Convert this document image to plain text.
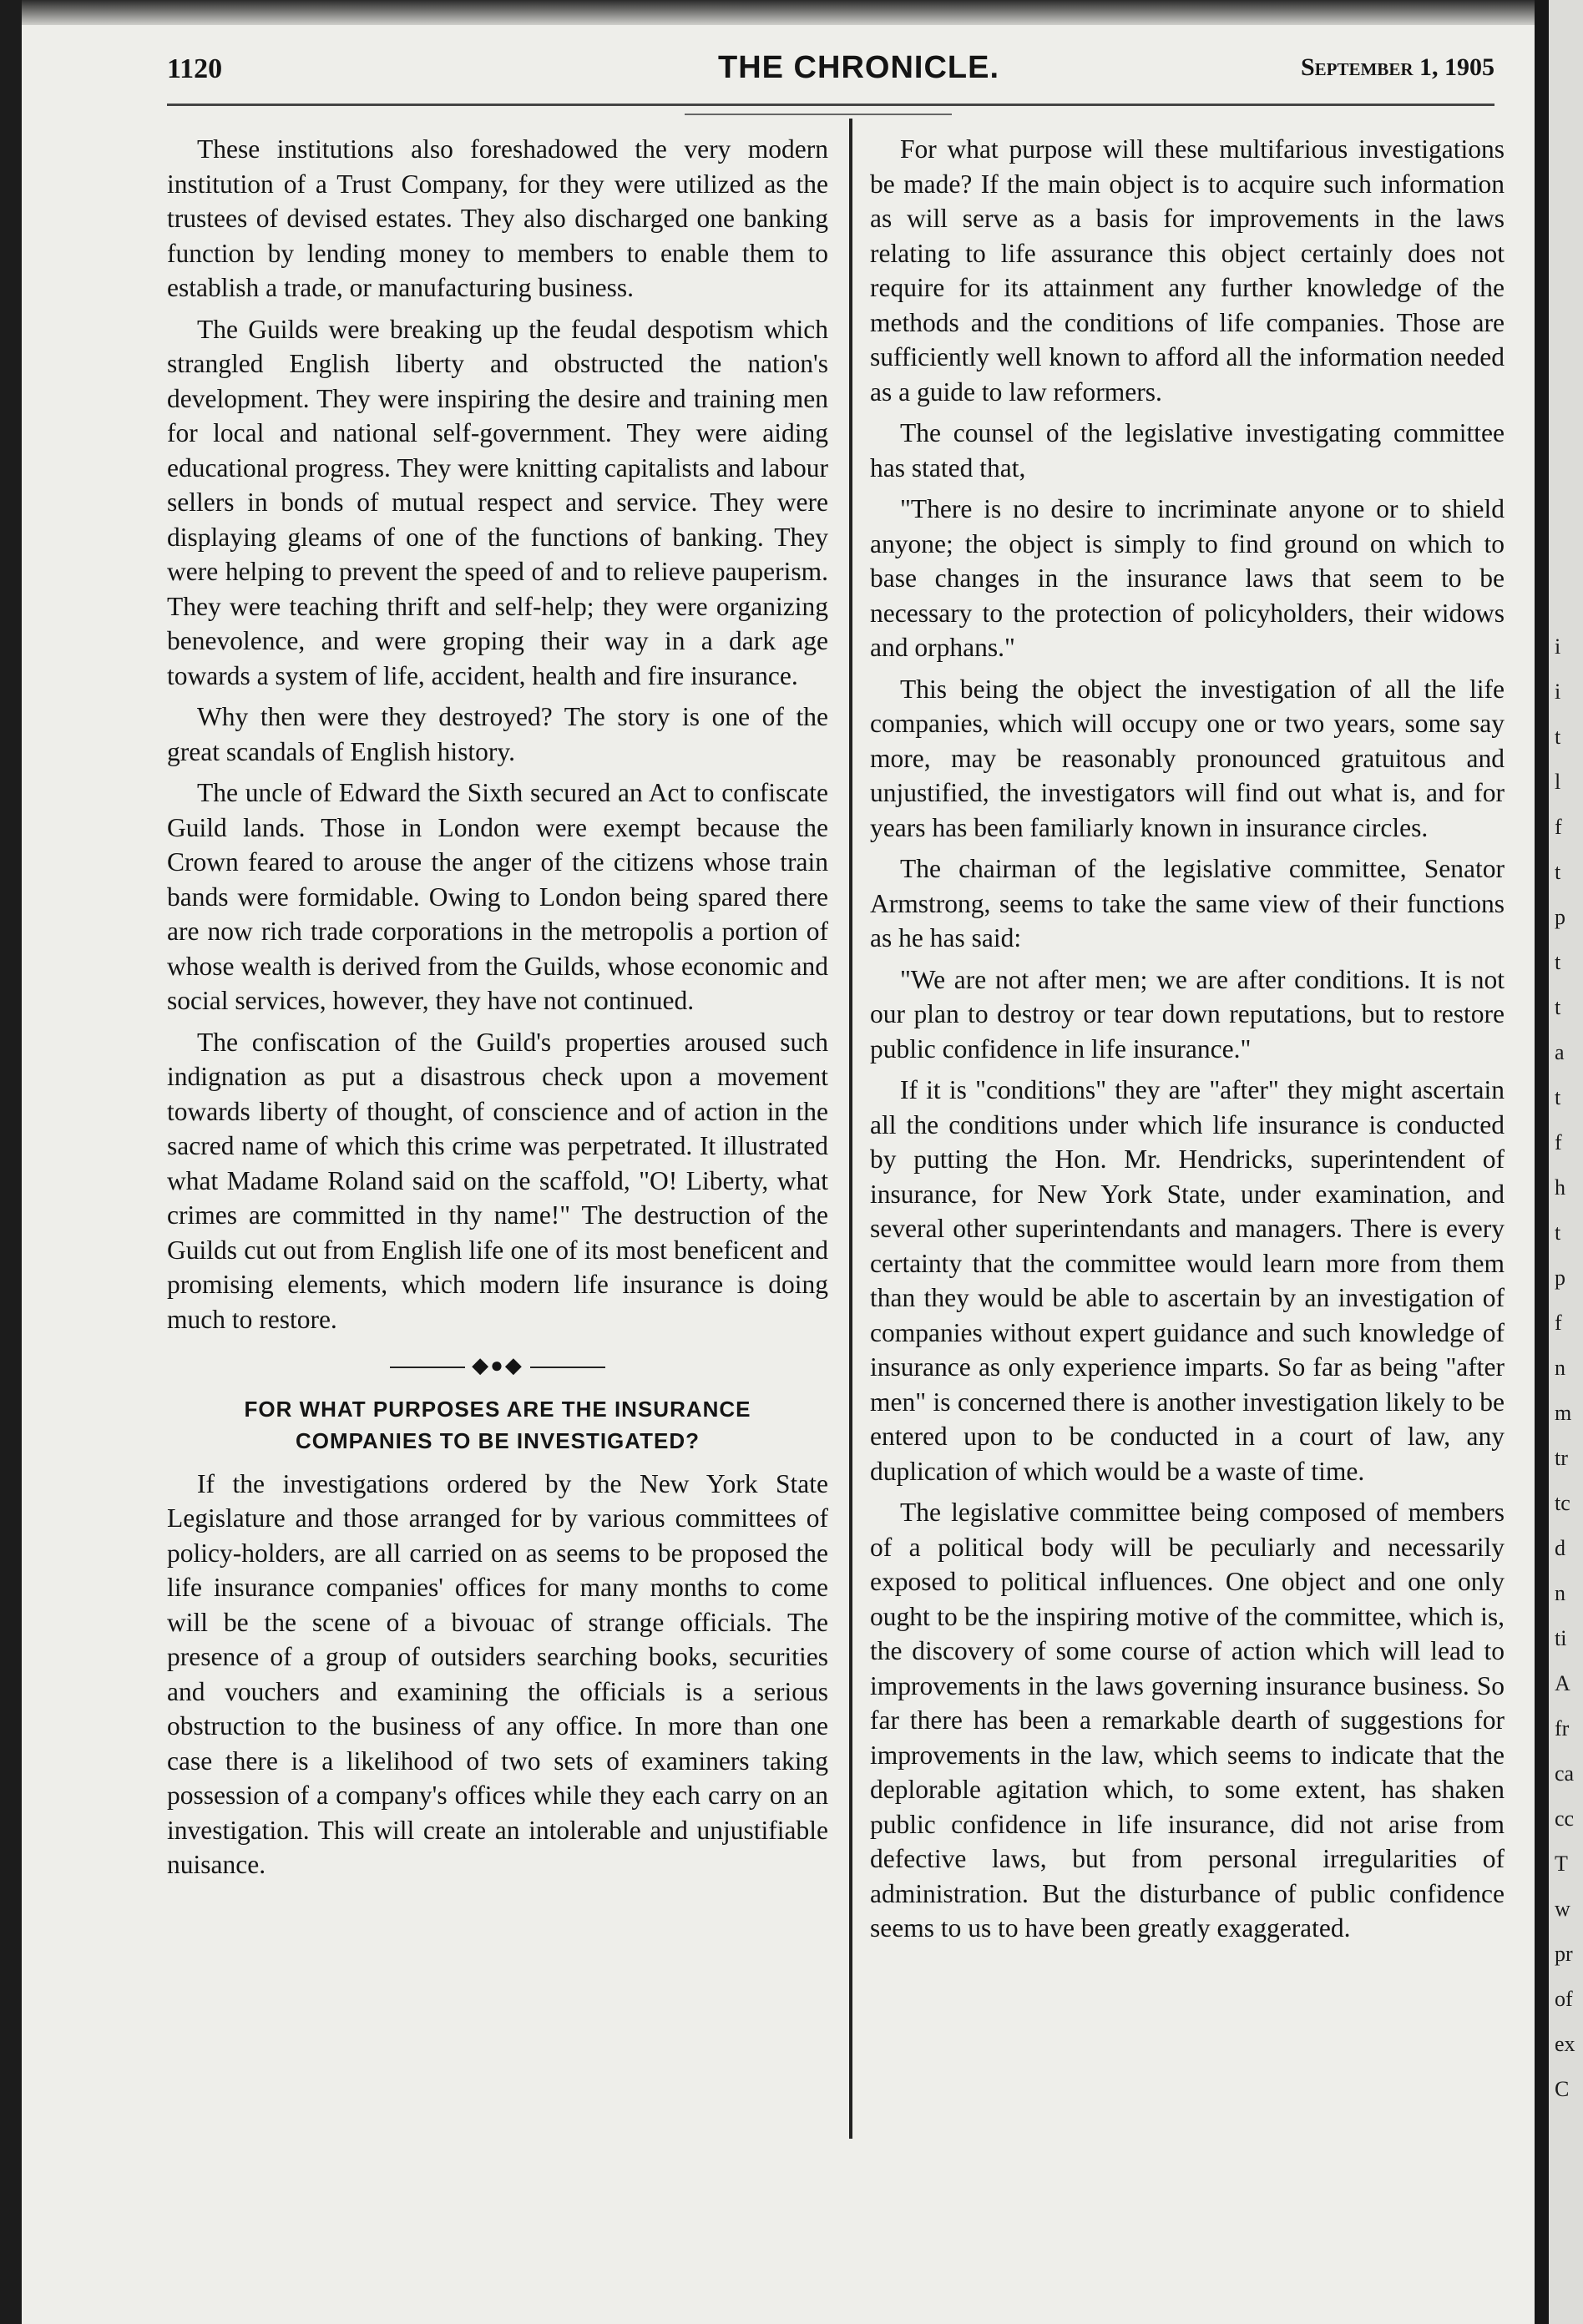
i
i
t
l
f
t
p
t
t
a
t
f
h
t
p
f
n
m
tr
tc
d
n
ti
A
fr
ca
cc
T
w
pr
of
ex
C
1120	THE CHRONICLE.	September 1, 1905

These institutions also foreshadowed the very modern institution of a Trust Company, for they were utilized as the trustees of devised estates. They also discharged one banking function by lending money to members to enable them to establish a trade, or manufacturing business.

The Guilds were breaking up the feudal despotism which strangled English liberty and obstructed the nation's development. They were inspiring the desire and training men for local and national self-government. They were aiding educational progress. They were knitting capitalists and labour sellers in bonds of mutual respect and service. They were displaying gleams of one of the functions of banking. They were helping to prevent the speed of and to relieve pauperism. They were teaching thrift and self-help; they were organizing benevolence, and were groping their way in a dark age towards a system of life, accident, health and fire insurance.

Why then were they destroyed? The story is one of the great scandals of English history.

The uncle of Edward the Sixth secured an Act to confiscate Guild lands. Those in London were exempt because the Crown feared to arouse the anger of the citizens whose train bands were formidable. Owing to London being spared there are now rich trade corporations in the metropolis a portion of whose wealth is derived from the Guilds, whose economic and social services, however, they have not continued.

The confiscation of the Guild's properties aroused such indignation as put a disastrous check upon a movement towards liberty of thought, of conscience and of action in the sacred name of which this crime was perpetrated. It illustrated what Madame Roland said on the scaffold, "O! Liberty, what crimes are committed in thy name!" The destruction of the Guilds cut out from English life one of its most beneficent and promising elements, which modern life insurance is doing much to restore.

◆●◆
FOR WHAT PURPOSES ARE THE INSURANCE
COMPANIES TO BE INVESTIGATED?

If the investigations ordered by the New York State Legislature and those arranged for by various committees of policy-holders, are all carried on as seems to be proposed the life insurance companies' offices for many months to come will be the scene of a bivouac of strange officials. The presence of a group of outsiders searching books, securities and vouchers and examining the officials is a serious obstruction to the business of any office. In more than one case there is a likelihood of two sets of examiners taking possession of a company's offices while they each carry on an investigation. This will create an intolerable and unjustifiable nuisance.

For what purpose will these multifarious investigations be made? If the main object is to acquire such information as will serve as a basis for improvements in the laws relating to life assurance this object certainly does not require for its attainment any further knowledge of the methods and the conditions of life companies. Those are sufficiently well known to afford all the information needed as a guide to law reformers.

The counsel of the legislative investigating committee has stated that,

"There is no desire to incriminate anyone or to shield anyone; the object is simply to find ground on which to base changes in the insurance laws that seem to be necessary to the protection of policyholders, their widows and orphans."

This being the object the investigation of all the life companies, which will occupy one or two years, some say more, may be reasonably pronounced gratuitous and unjustified, the investigators will find out what is, and for years has been familiarly known in insurance circles.

The chairman of the legislative committee, Senator Armstrong, seems to take the same view of their functions as he has said:

"We are not after men; we are after conditions. It is not our plan to destroy or tear down reputations, but to restore public confidence in life insurance."

If it is "conditions" they are "after" they might ascertain all the conditions under which life insurance is conducted by putting the Hon. Mr. Hendricks, superintendent of insurance, for New York State, under examination, and several other superintendants and managers. There is every certainty that the committee would learn more from them than they would be able to ascertain by an investigation of companies without expert guidance and such knowledge of insurance as only experience imparts. So far as being "after men" is concerned there is another investigation likely to be entered upon to be conducted in a court of law, any duplication of which would be a waste of time.

The legislative committee being composed of members of a political body will be peculiarly and necessarily exposed to political influences. One object and one only ought to be the inspiring motive of the committee, which is, the discovery of some course of action which will lead to improvements in the laws governing insurance business. So far there has been a remarkable dearth of suggestions for improvements in the law, which seems to indicate that the deplorable agitation which, to some extent, has shaken public confidence in life insurance, did not arise from defective laws, but from personal irregularities of administration. But the disturbance of public confidence seems to us to have been greatly exaggerated.
